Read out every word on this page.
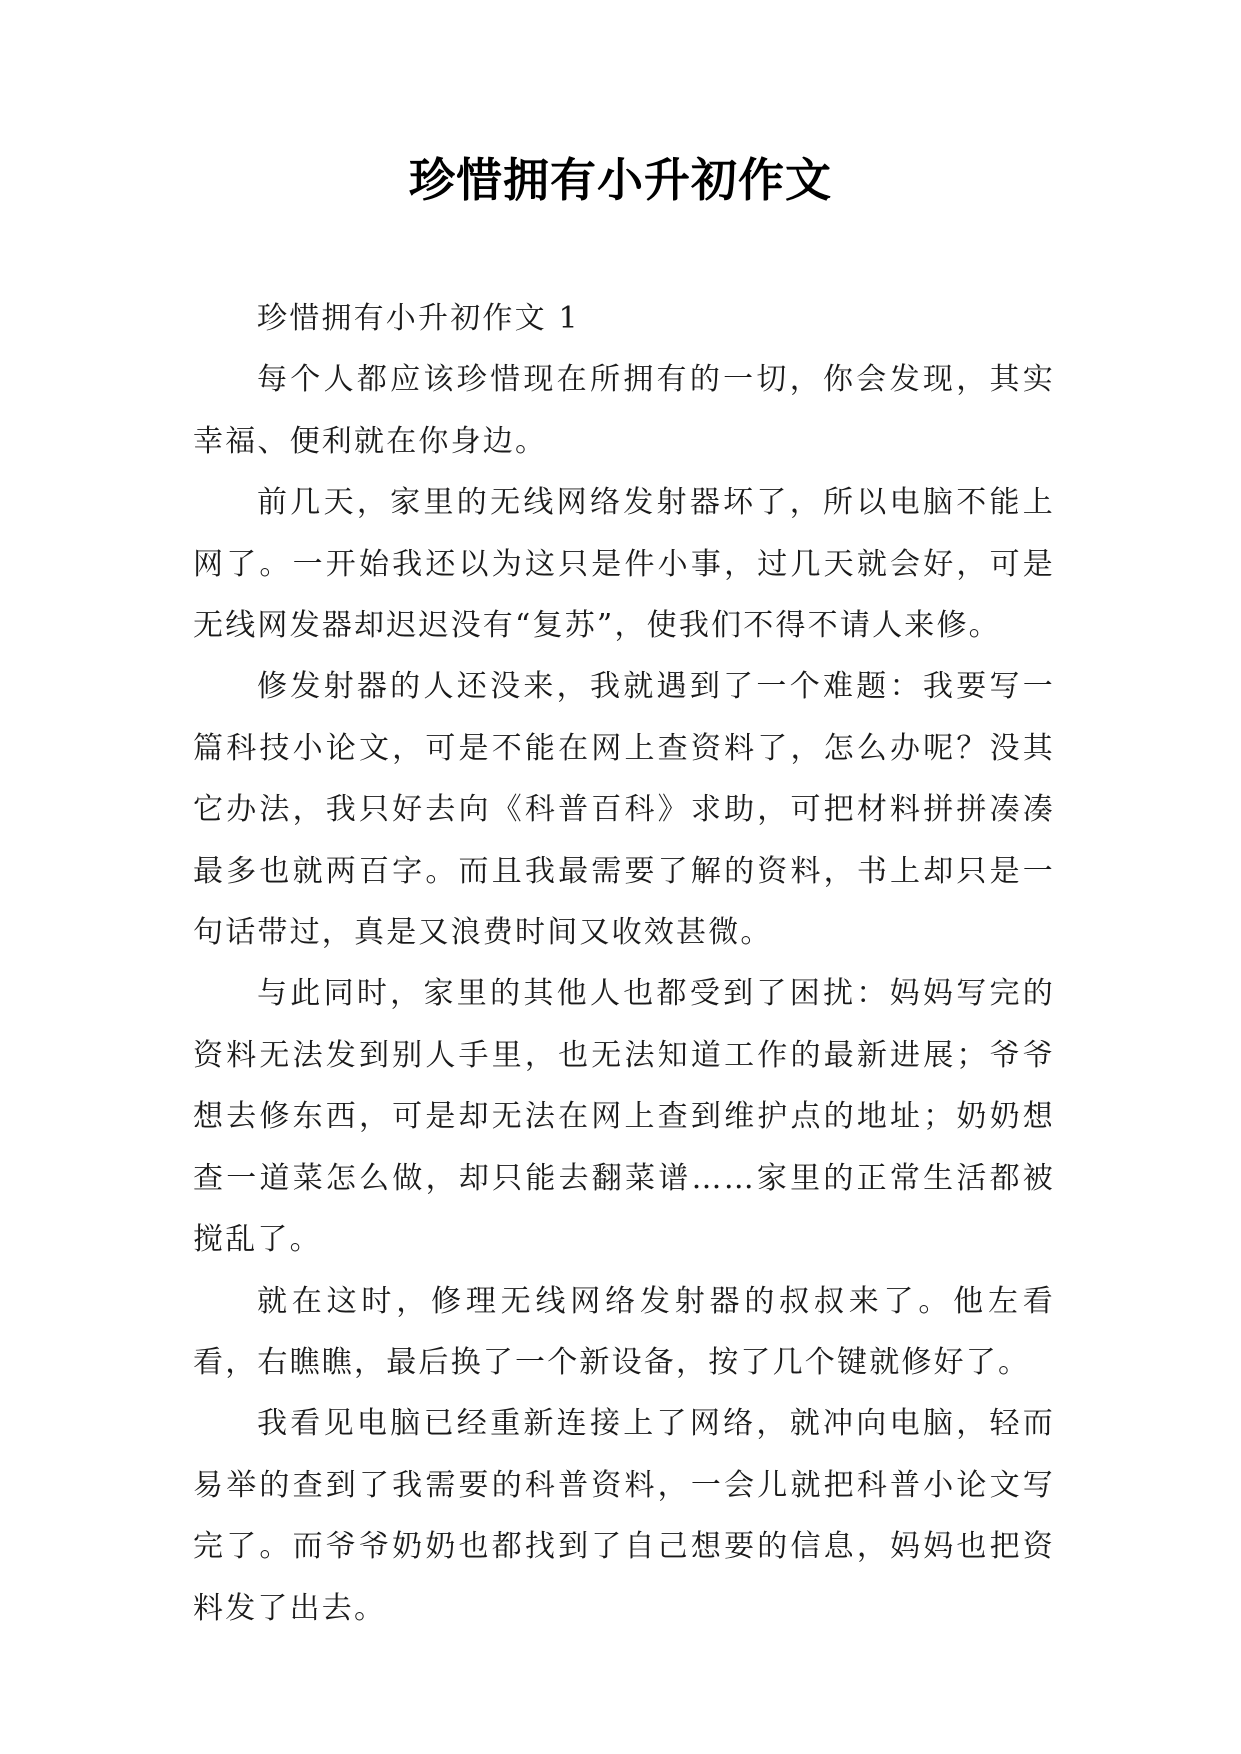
珍惜拥有小升初作文

珍惜拥有小升初作文 1

每个人都应该珍惜现在所拥有的一切，你会发现，其实幸福、便利就在你身边。

前几天，家里的无线网络发射器坏了，所以电脑不能上网了。一开始我还以为这只是件小事，过几天就会好，可是无线网发器却迟迟没有“复苏”，使我们不得不请人来修。

修发射器的人还没来，我就遇到了一个难题：我要写一篇科技小论文，可是不能在网上查资料了，怎么办呢？没其它办法，我只好去向《科普百科》求助，可把材料拼拼凑凑最多也就两百字。而且我最需要了解的资料，书上却只是一句话带过，真是又浪费时间又收效甚微。

与此同时，家里的其他人也都受到了困扰：妈妈写完的资料无法发到别人手里，也无法知道工作的最新进展；爷爷想去修东西，可是却无法在网上查到维护点的地址；奶奶想查一道菜怎么做，却只能去翻菜谱……家里的正常生活都被搅乱了。

就在这时，修理无线网络发射器的叔叔来了。他左看看，右瞧瞧，最后换了一个新设备，按了几个键就修好了。

我看见电脑已经重新连接上了网络，就冲向电脑，轻而易举的查到了我需要的科普资料，一会儿就把科普小论文写完了。而爷爷奶奶也都找到了自己想要的信息，妈妈也把资料发了出去。
